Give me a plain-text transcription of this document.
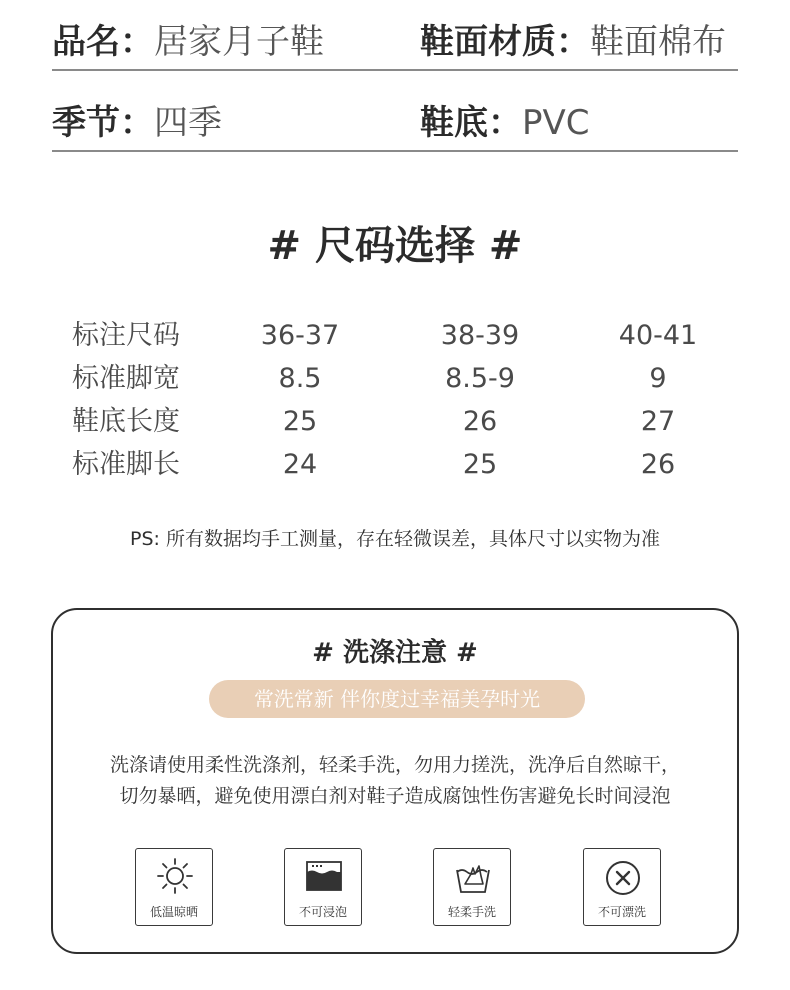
品名：居家月子鞋	鞋面材质：鞋面棉布
季节：四季	鞋底：PVC
# 尺码选择 #
标注尺码	36-37	38-39	40-41
标准脚宽	8.5	8.5-9	9
鞋底长度	25	26	27
标准脚长	24	25	26
PS: 所有数据均手工测量，存在轻微误差，具体尺寸以实物为准
# 洗涤注意 #
常洗常新 伴你度过幸福美孕时光
洗涤请使用柔性洗涤剂，轻柔手洗，勿用力搓洗，洗净后自然晾干，
切勿暴晒，避免使用漂白剂对鞋子造成腐蚀性伤害避免长时间浸泡
低温晾晒	不可浸泡	轻柔手洗	不可漂洗
